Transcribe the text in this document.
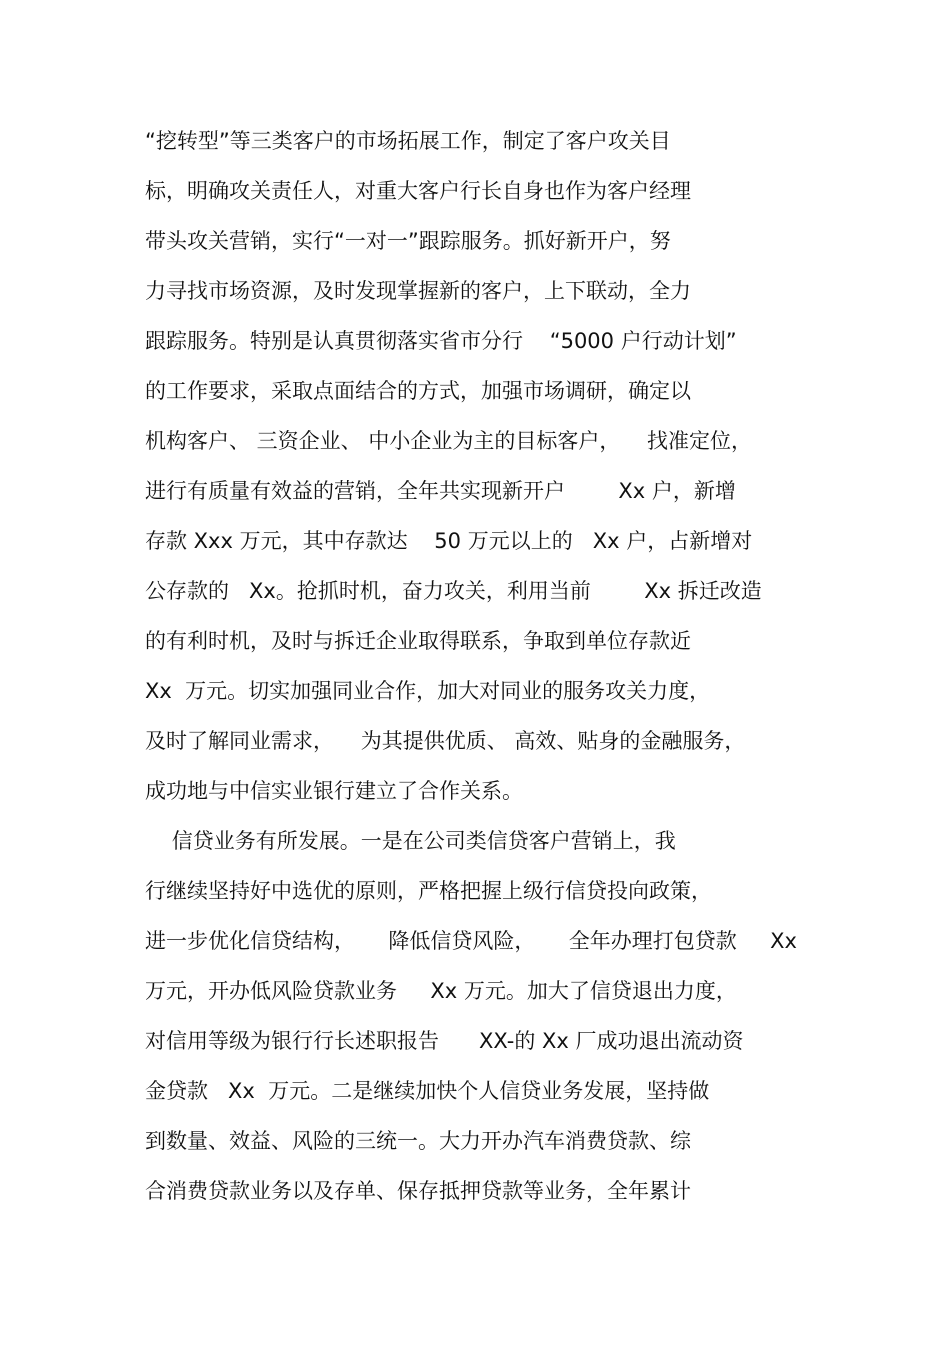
“挖转型”等三类客户的市场拓展工作，制定了客户攻关目

标，明确攻关责任人，对重大客户行长自身也作为客户经理

带头攻关营销，实行“一对一”跟踪服务。抓好新开户，努

力寻找市场资源，及时发现掌握新的客户，上下联动，全力

跟踪服务。特别是认真贯彻落实省市分行    “5000 户行动计划”

的工作要求，采取点面结合的方式，加强市场调研，确定以

机构客户、 三资企业、 中小企业为主的目标客户，    找准定位，

进行有质量有效益的营销，全年共实现新开户        Xx 户，新增

存款 Xxx 万元，其中存款达    50 万元以上的   Xx 户，占新增对

公存款的   Xx。抢抓时机，奋力攻关，利用当前        Xx 拆迁改造

的有利时机，及时与拆迁企业取得联系，争取到单位存款近

Xx  万元。切实加强同业合作，加大对同业的服务攻关力度，

及时了解同业需求，    为其提供优质、 高效、贴身的金融服务，

成功地与中信实业银行建立了合作关系。

信贷业务有所发展。一是在公司类信贷客户营销上，我

行继续坚持好中选优的原则，严格把握上级行信贷投向政策，

进一步优化信贷结构，     降低信贷风险，     全年办理打包贷款     Xx

万元，开办低风险贷款业务     Xx 万元。加大了信贷退出力度，

对信用等级为银行行长述职报告      XX-的 Xx 厂成功退出流动资

金贷款   Xx  万元。二是继续加快个人信贷业务发展，坚持做

到数量、效益、风险的三统一。大力开办汽车消费贷款、综

合消费贷款业务以及存单、保存抵押贷款等业务，全年累计
